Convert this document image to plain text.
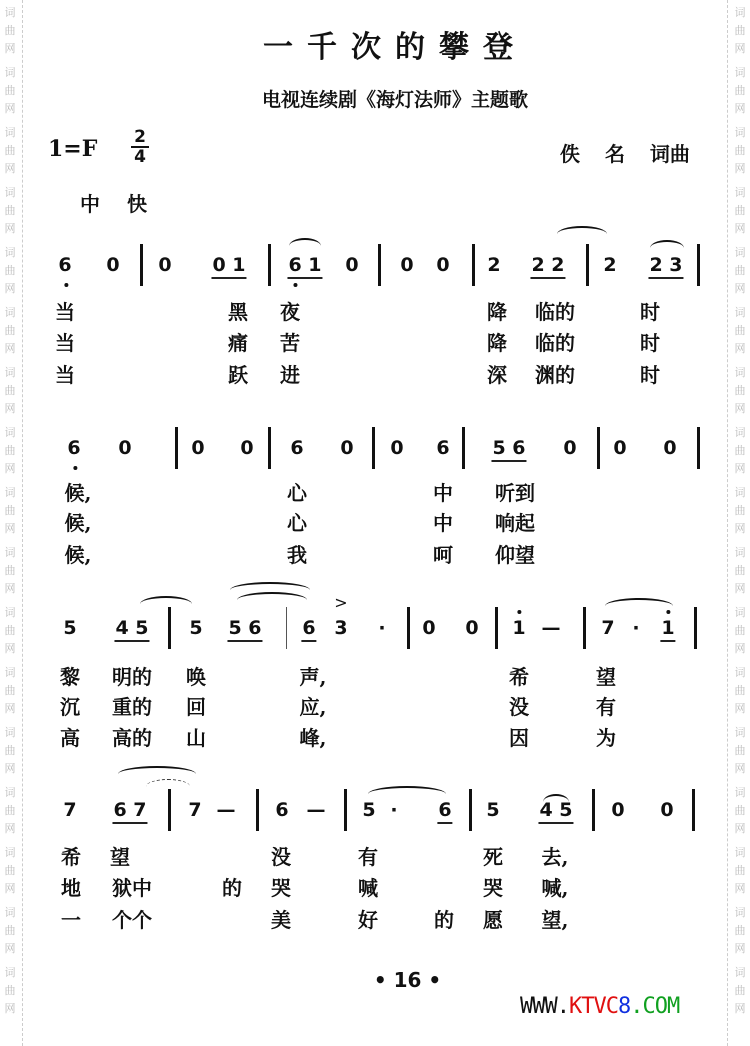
词
曲
网
词
曲
网
词
曲
网
词
曲
网
词
曲
网
词
曲
网
词
曲
网
词
曲
网
词
曲
网
词
曲
网
词
曲
网
词
曲
网
词
曲
网
词
曲
网
词
曲
网
词
曲
网
词
曲
网
词
曲
网
词
曲
网
词
曲
网
词
曲
网
词
曲
网
词
曲
网
词
曲
网
词
曲
网
词
曲
网
词
曲
网
词
曲
网
词
曲
网
词
曲
网
词
曲
网
词
曲
网
词
曲
网
词
曲
网
一千次的攀登
电视连续剧《海灯法师》主题歌
1=F 2
4	佚 名 词曲
中 快
6 0 0 0 1 6 1 0 0 0 2 2 2 2 2 3
当	黑 夜	降 临的	时
当	痛 苦	降 临的	时
当	跃 进	深 渊的	时
6 0	0 0 6 0 0 6 5 6 0 0 0
候,	心	中 听到
候,	心	中 响起
候,	我	呵 仰望
5 4 5 5 5 6 6
>
3 · 0 0 1 — 7 · 1
黎 明的 唤	声,	希	望
沉 重的 回	应,	没	有
高 高的 山	峰,	因	为
7 6 7 7 — 6 — 5 · 6 5 4 5 0 0
希 望	没	有	死 去,
地 狱中	的 哭	喊	哭 喊,
一 个个	美	好	的 愿 望,
• 16 •
WWW.KTVC8.COM
